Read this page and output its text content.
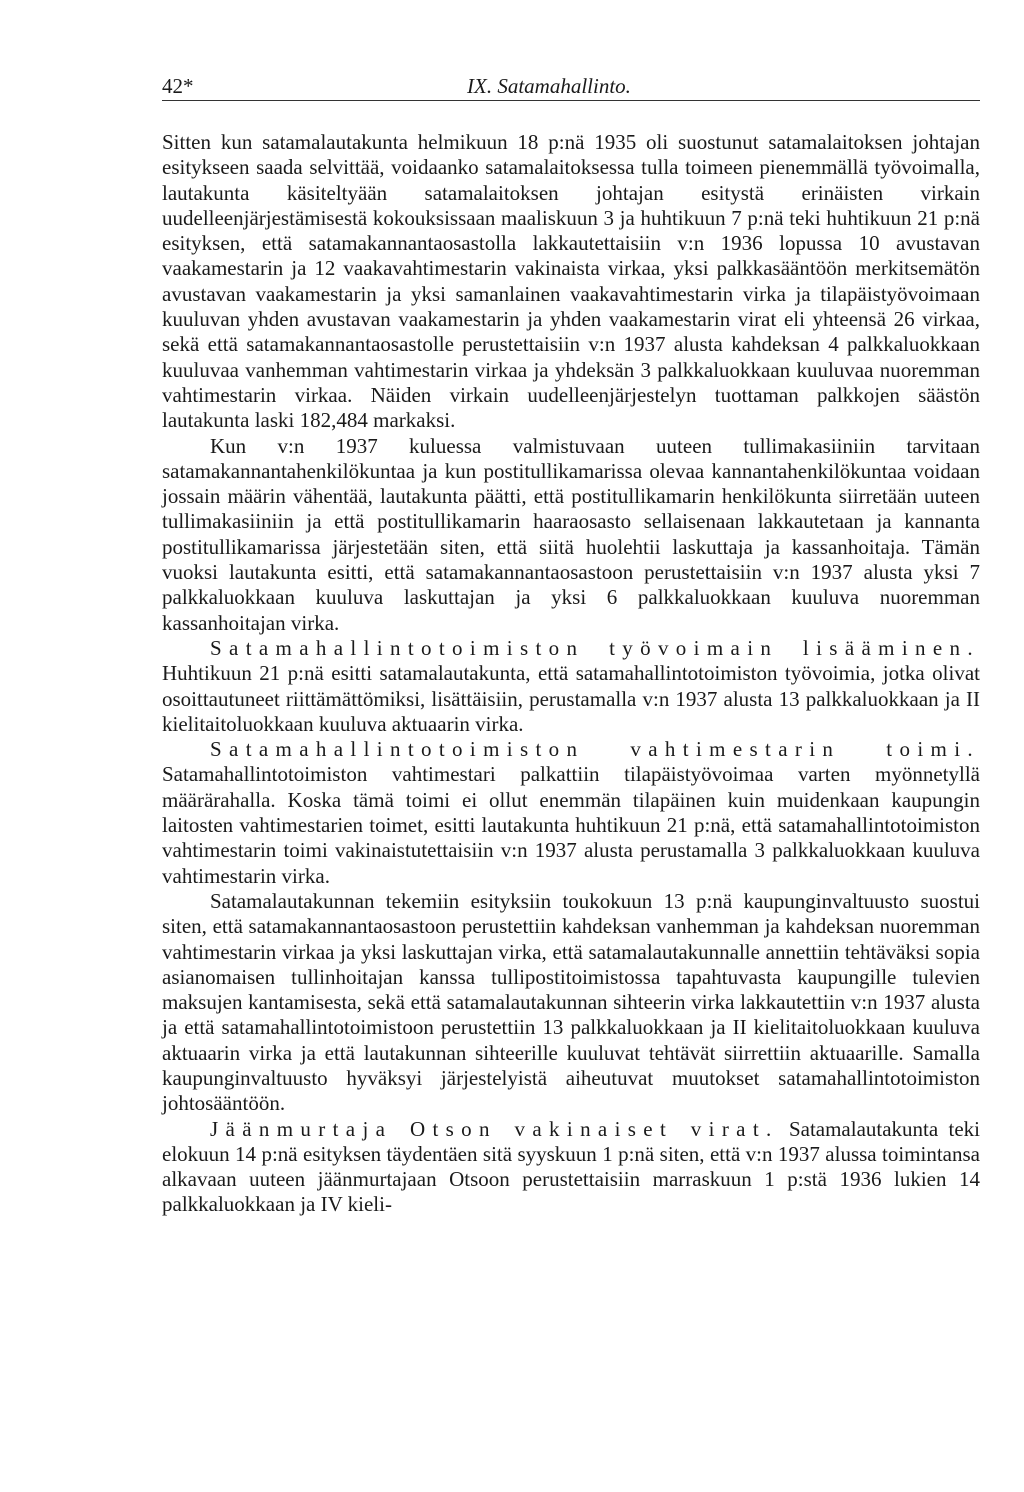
42*	IX. Satamahallinto.

Sitten kun satamalautakunta helmikuun 18 p:nä 1935 oli suostunut satamalaitoksen johtajan esitykseen saada selvittää, voidaanko satamalaitoksessa tulla toimeen pienemmällä työvoimalla, lautakunta käsiteltyään satamalaitoksen johtajan esitystä erinäisten virkain uudelleenjärjestämisestä kokouksissaan maaliskuun 3 ja huhtikuun 7 p:nä teki huhtikuun 21 p:nä esityksen, että satamakannantaosastolla lakkautettaisiin v:n 1936 lopussa 10 avustavan vaakamestarin ja 12 vaakavahtimestarin vakinaista virkaa, yksi palkkasääntöön merkitsemätön avustavan vaakamestarin ja yksi samanlainen vaakavahtimestarin virka ja tilapäistyövoimaan kuuluvan yhden avustavan vaakamestarin ja yhden vaakamestarin virat eli yhteensä 26 virkaa, sekä että satamakannantaosastolle perustettaisiin v:n 1937 alusta kahdeksan 4 palkkaluokkaan kuuluvaa vanhemman vahtimestarin virkaa ja yhdeksän 3 palkkaluokkaan kuuluvaa nuoremman vahtimestarin virkaa. Näiden virkain uudelleenjärjestelyn tuottaman palkkojen säästön lautakunta laski 182,484 markaksi.

Kun v:n 1937 kuluessa valmistuvaan uuteen tullimakasiiniin tarvitaan satamakannantahenkilökuntaa ja kun postitullikamarissa olevaa kannantahenkilökuntaa voidaan jossain määrin vähentää, lautakunta päätti, että postitullikamarin henkilökunta siirretään uuteen tullimakasiiniin ja että postitullikamarin haaraosasto sellaisenaan lakkautetaan ja kannanta postitullikamarissa järjestetään siten, että siitä huolehtii laskuttaja ja kassanhoitaja. Tämän vuoksi lautakunta esitti, että satamakannantaosastoon perustettaisiin v:n 1937 alusta yksi 7 palkkaluokkaan kuuluva laskuttajan ja yksi 6 palkkaluokkaan kuuluva nuoremman kassanhoitajan virka.

Satamahallintotoimiston työvoimain lisääminen. Huhtikuun 21 p:nä esitti satamalautakunta, että satamahallintotoimiston työvoimia, jotka olivat osoittautuneet riittämättömiksi, lisättäisiin, perustamalla v:n 1937 alusta 13 palkkaluokkaan ja II kielitaitoluokkaan kuuluva aktuaarin virka.

Satamahallintotoimiston vahtimestarin toimi. Satamahallintotoimiston vahtimestari palkattiin tilapäistyövoimaa varten myönnetyllä määrärahalla. Koska tämä toimi ei ollut enemmän tilapäinen kuin muidenkaan kaupungin laitosten vahtimestarien toimet, esitti lautakunta huhtikuun 21 p:nä, että satamahallintotoimiston vahtimestarin toimi vakinaistutettaisiin v:n 1937 alusta perustamalla 3 palkkaluokkaan kuuluva vahtimestarin virka.

Satamalautakunnan tekemiin esityksiin toukokuun 13 p:nä kaupunginvaltuusto suostui siten, että satamakannantaosastoon perustettiin kahdeksan vanhemman ja kahdeksan nuoremman vahtimestarin virkaa ja yksi laskuttajan virka, että satamalautakunnalle annettiin tehtäväksi sopia asianomaisen tullinhoitajan kanssa tullipostitoimistossa tapahtuvasta kaupungille tulevien maksujen kantamisesta, sekä että satamalautakunnan sihteerin virka lakkautettiin v:n 1937 alusta ja että satamahallintotoimistoon perustettiin 13 palkkaluokkaan ja II kielitaitoluokkaan kuuluva aktuaarin virka ja että lautakunnan sihteerille kuuluvat tehtävät siirrettiin aktuaarille. Samalla kaupunginvaltuusto hyväksyi järjestelyistä aiheutuvat muutokset satamahallintotoimiston johtosääntöön.

Jäänmurtaja Otson vakinaiset virat. Satamalautakunta teki elokuun 14 p:nä esityksen täydentäen sitä syyskuun 1 p:nä siten, että v:n 1937 alussa toimintansa alkavaan uuteen jäänmurtajaan Otsoon perustettaisiin marraskuun 1 p:stä 1936 lukien 14 palkkaluokkaan ja IV kieli-
